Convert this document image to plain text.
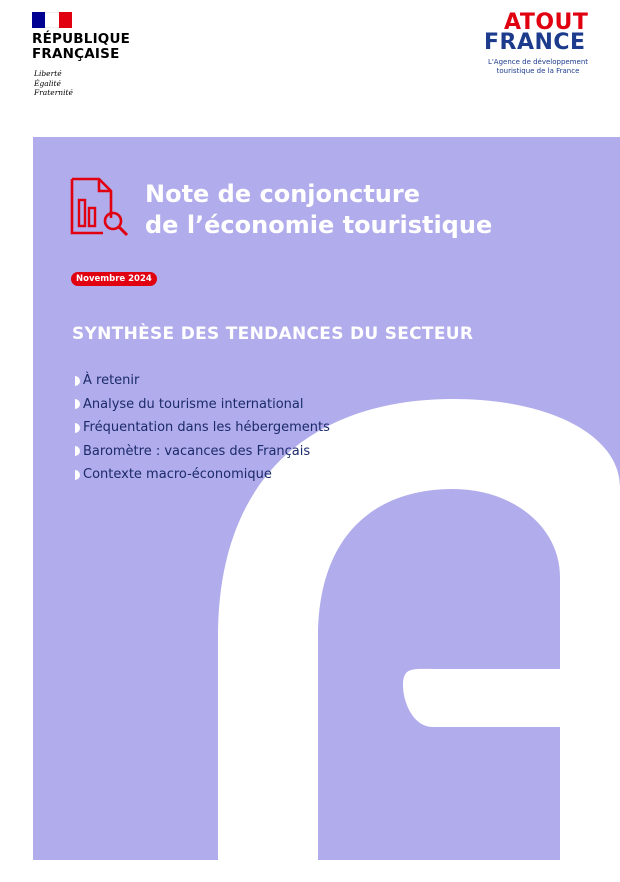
RÉPUBLIQUE
FRANÇAISE
Liberté
Égalité
Fraternité
ATOUT
FRANCE
L'Agence de développement
touristique de la France
Note de conjoncture
de l’économie touristique
Novembre 2024
SYNTHÈSE DES TENDANCES DU SECTEUR
À retenir
Analyse du tourisme international
Fréquentation dans les hébergements
Baromètre : vacances des Français
Contexte macro-économique
